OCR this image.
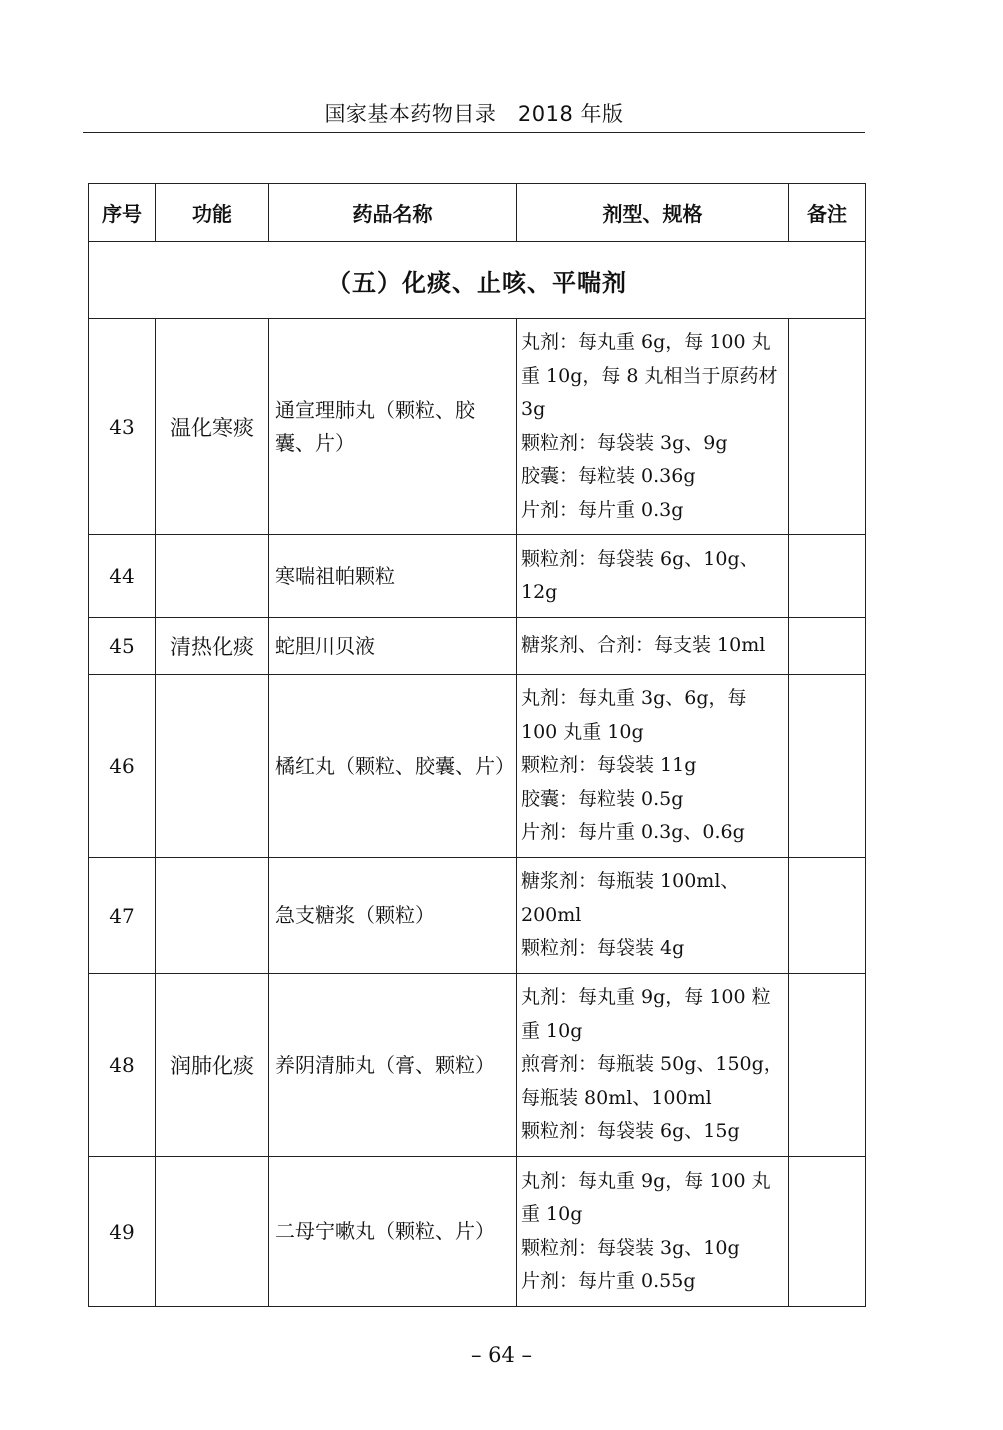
国家基本药物目录　2018 年版
序号	功能	药品名称	剂型、规格	备注
（五）化痰、止咳、平喘剂				
43	温化寒痰	通宣理肺丸（颗粒、胶囊、片）	丸剂：每丸重 6g，每 100 丸重 10g，每 8 丸相当于原药材 3g
颗粒剂：每袋装 3g、9g
胶囊：每粒装 0.36g
片剂：每片重 0.3g	

44		寒喘祖帕颗粒	颗粒剂：每袋装 6g、10g、12g	

45	清热化痰	蛇胆川贝液	糖浆剂、合剂：每支装 10ml	

46		橘红丸（颗粒、胶囊、片）	丸剂：每丸重 3g、6g，每 100 丸重 10g
颗粒剂：每袋装 11g
胶囊：每粒装 0.5g
片剂：每片重 0.3g、0.6g	

47		急支糖浆（颗粒）	糖浆剂：每瓶装 100ml、200ml
颗粒剂：每袋装 4g	

48	润肺化痰	养阴清肺丸（膏、颗粒）	丸剂：每丸重 9g，每 100 粒重 10g
煎膏剂：每瓶装 50g、150g，每瓶装 80ml、100ml
颗粒剂：每袋装 6g、15g	

49		二母宁嗽丸（颗粒、片）	丸剂：每丸重 9g，每 100 丸重 10g
颗粒剂：每袋装 3g、10g
片剂：每片重 0.55g	

– 64 –
